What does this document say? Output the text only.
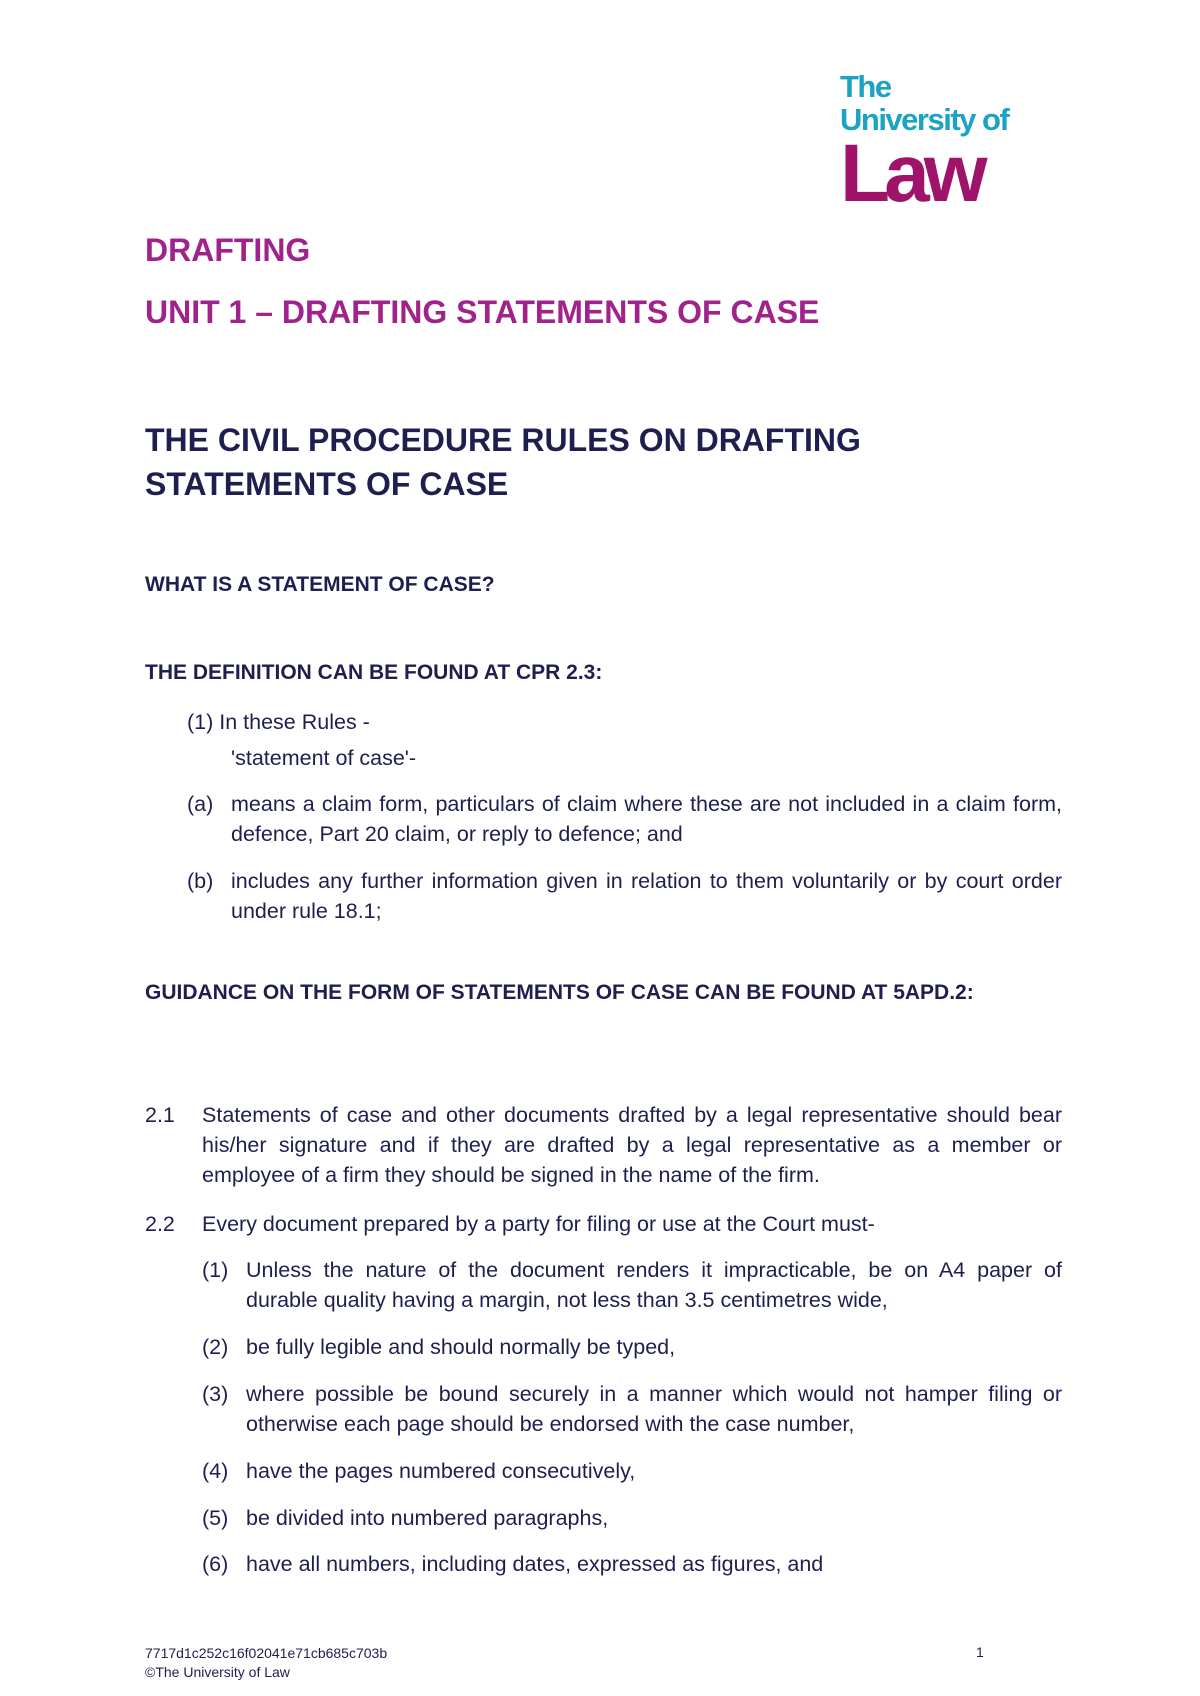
The
University of
Law
DRAFTING
UNIT 1 – DRAFTING STATEMENTS OF CASE
THE CIVIL PROCEDURE RULES ON DRAFTING STATEMENTS OF CASE
WHAT IS A STATEMENT OF CASE?
THE DEFINITION CAN BE FOUND AT CPR 2.3:

(1) In these Rules -

'statement of case'-

(a) means a claim form, particulars of claim where these are not included in a claim form, defence, Part 20 claim, or reply to defence; and
(b) includes any further information given in relation to them voluntarily or by court order under rule 18.1;
GUIDANCE ON THE FORM OF STATEMENTS OF CASE CAN BE FOUND AT 5APD.2:
2.1	Statements of case and other documents drafted by a legal representative should bear his/her signature and if they are drafted by a legal representative as a member or employee of a firm they should be signed in the name of the firm.
2.2	Every document prepared by a party for filing or use at the Court must-
(1) Unless the nature of the document renders it impracticable, be on A4 paper of durable quality having a margin, not less than 3.5 centimetres wide,
(2) be fully legible and should normally be typed,
(3) where possible be bound securely in a manner which would not hamper filing or otherwise each page should be endorsed with the case number,
(4) have the pages numbered consecutively,
(5) be divided into numbered paragraphs,
(6) have all numbers, including dates, expressed as figures, and
7717d1c252c16f02041e71cb685c703b
©The University of Law
1
